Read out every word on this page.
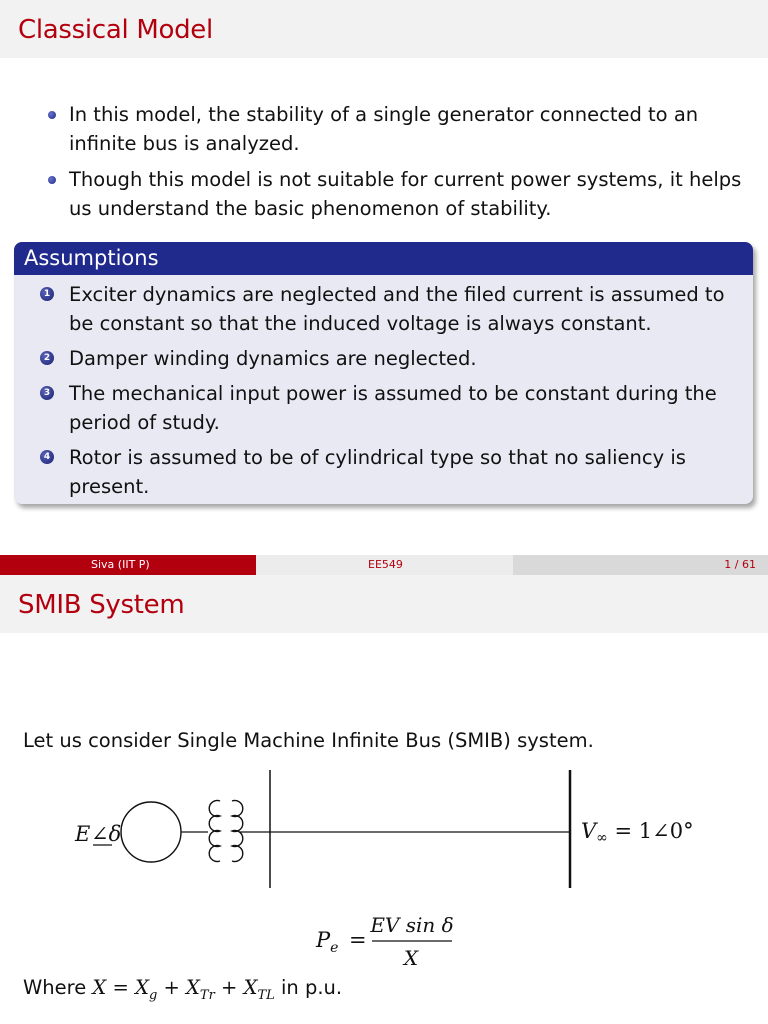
Classical Model
In this model, the stability of a single generator connected to an infinite bus is analyzed.
Though this model is not suitable for current power systems, it helps us understand the basic phenomenon of stability.
Assumptions
1 Exciter dynamics are neglected and the filed current is assumed to be constant so that the induced voltage is always constant.
2 Damper winding dynamics are neglected.
3 The mechanical input power is assumed to be constant during the period of study.
4 Rotor is assumed to be of cylindrical type so that no saliency is present.
Siva (IIT P)	EE549	1 / 61
SMIB System
Let us consider Single Machine Infinite Bus (SMIB) system.
E ∠δ	V∞ = 1∠0°
$P_e$ =
EV sin δ
X
Where $X = X_g + X_{Tr} + X_{TL}$ in p.u.
